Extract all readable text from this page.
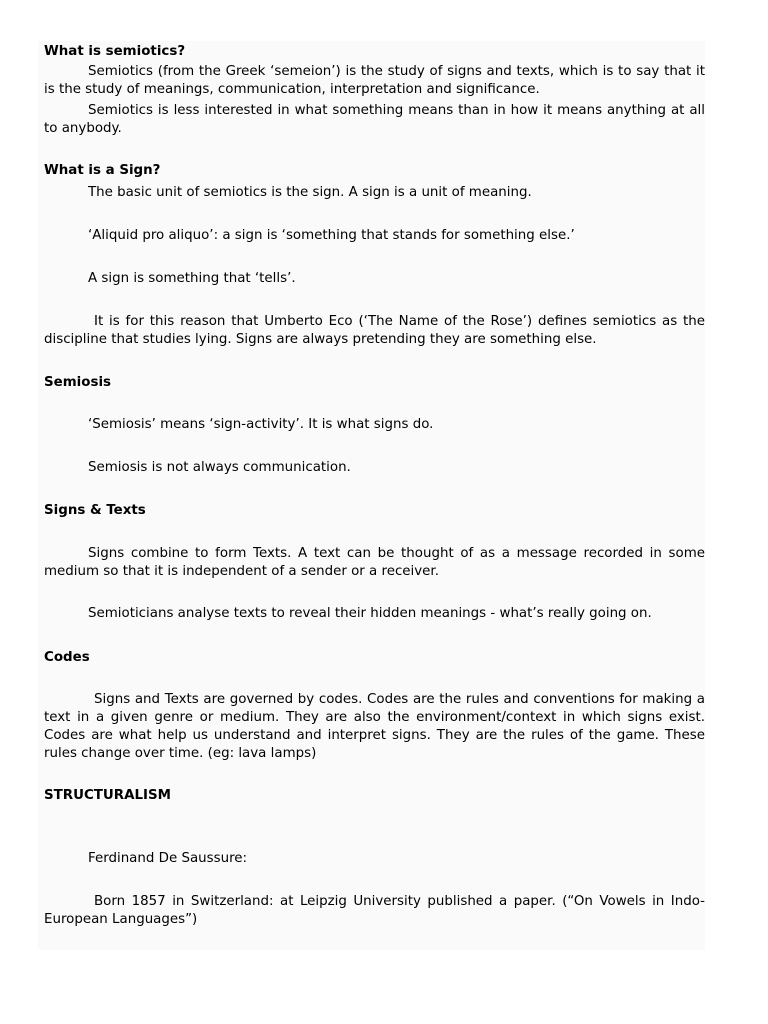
What is semiotics?

Semiotics (from the Greek ‘semeion’) is the study of signs and texts, which is to say that it is the study of meanings, communication, interpretation and significance.

Semiotics is less interested in what something means than in how it means anything at all to anybody.

What is a Sign?

The basic unit of semiotics is the sign. A sign is a unit of meaning.

‘Aliquid pro aliquo’: a sign is ‘something that stands for something else.’

A sign is something that ‘tells’.

It is for this reason that Umberto Eco (‘The Name of the Rose’) defines semiotics as the discipline that studies lying. Signs are always pretending they are something else.

Semiosis

‘Semiosis’ means ‘sign-activity’. It is what signs do.

Semiosis is not always communication.

Signs & Texts

Signs combine to form Texts. A text can be thought of as a message recorded in some medium so that it is independent of a sender or a receiver.

Semioticians analyse texts to reveal their hidden meanings - what’s really going on.

Codes

Signs and Texts are governed by codes. Codes are the rules and conventions for making a text in a given genre or medium. They are also the environment/context in which signs exist. Codes are what help us understand and interpret signs. They are the rules of the game. These rules change over time. (eg: lava lamps)

STRUCTURALISM

Ferdinand De Saussure:

Born 1857 in Switzerland: at Leipzig University published a paper. (“On Vowels in Indo-European Languages”)
